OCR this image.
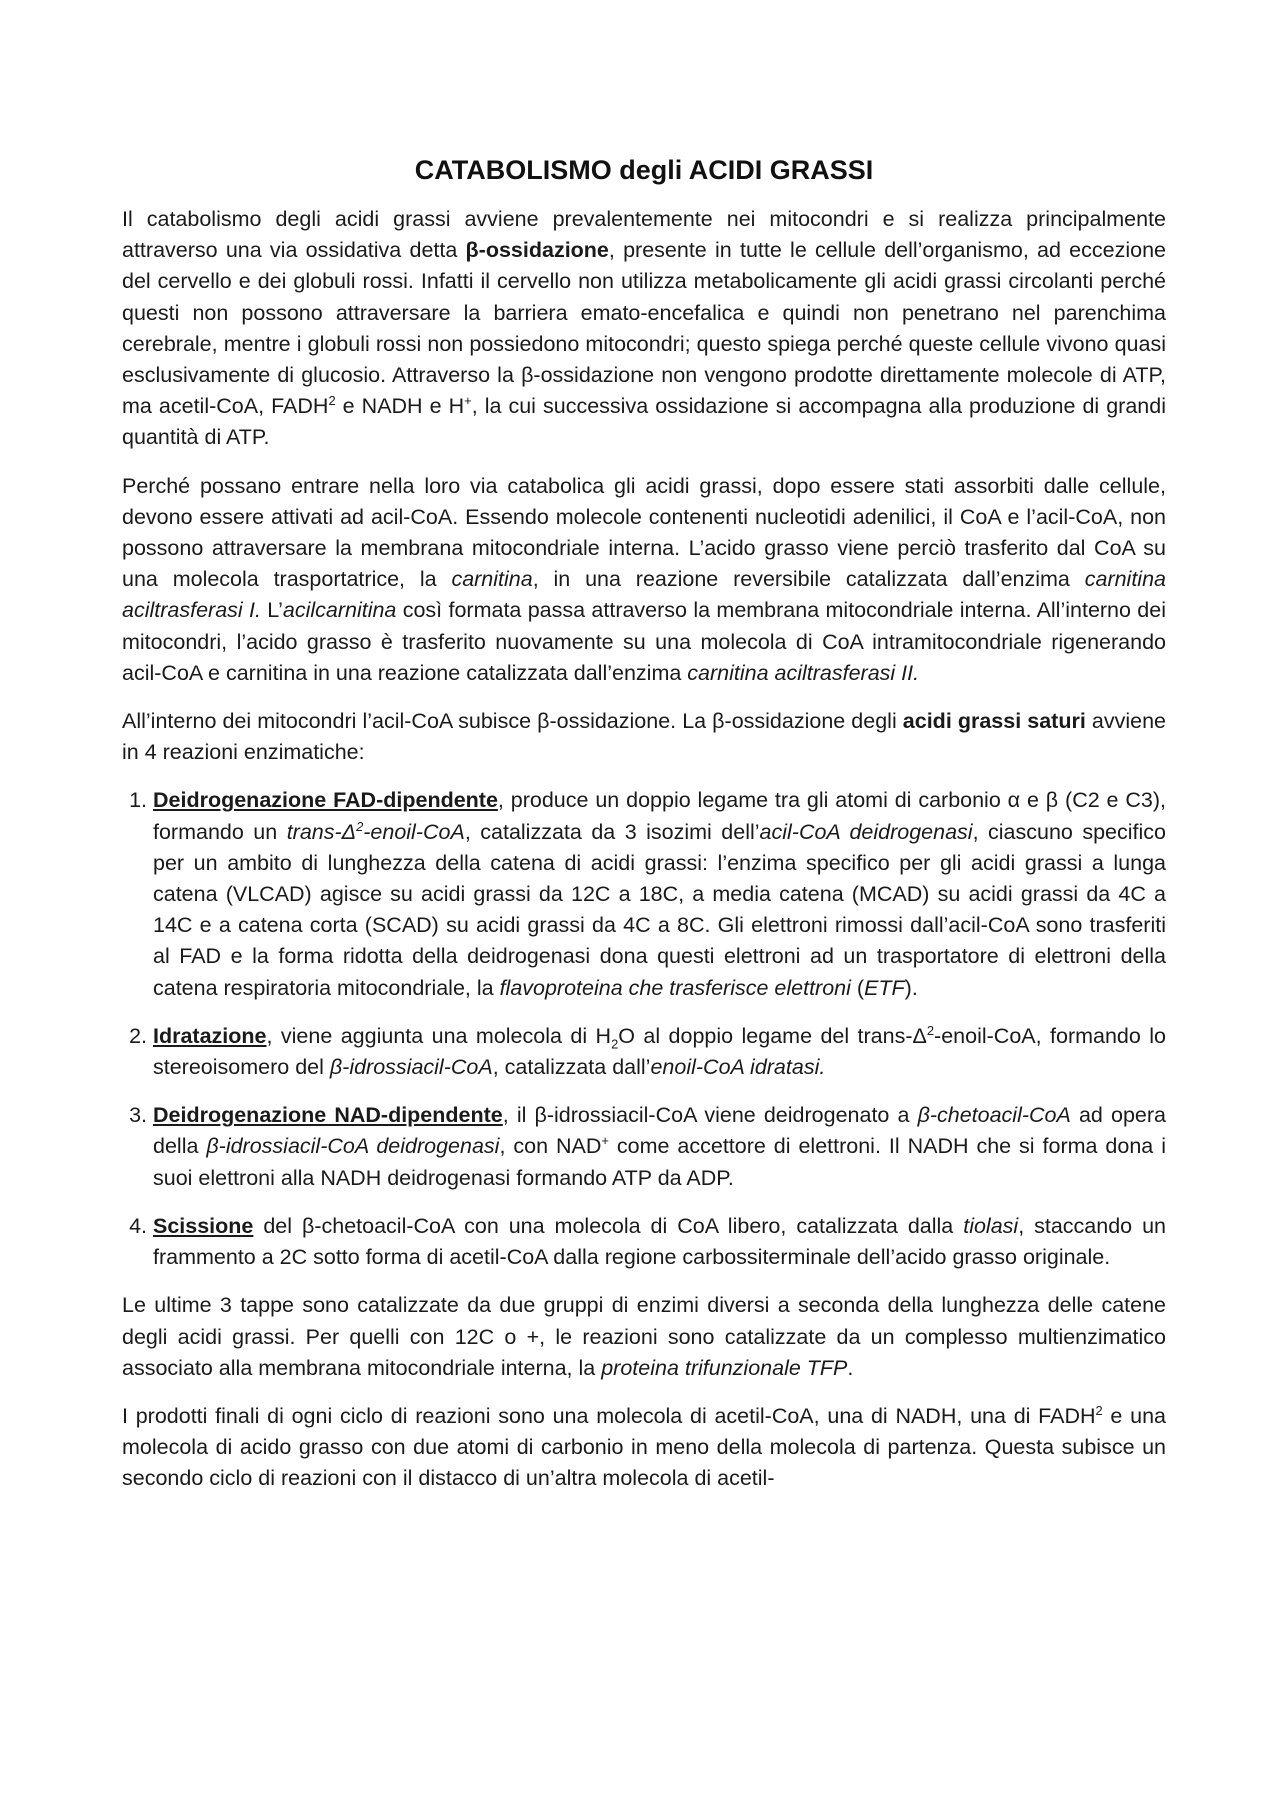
CATABOLISMO degli ACIDI GRASSI

Il catabolismo degli acidi grassi avviene prevalentemente nei mitocondri e si realizza principalmente attraverso una via ossidativa detta β-ossidazione, presente in tutte le cellule dell’organismo, ad eccezione del cervello e dei globuli rossi. Infatti il cervello non utilizza metabolicamente gli acidi grassi circolanti perché questi non possono attraversare la barriera emato-encefalica e quindi non penetrano nel parenchima cerebrale, mentre i globuli rossi non possiedono mitocondri; questo spiega perché queste cellule vivono quasi esclusivamente di glucosio. Attraverso la β-ossidazione non vengono prodotte direttamente molecole di ATP, ma acetil-CoA, FADH$^2$ e NADH e H+, la cui successiva ossidazione si accompagna alla produzione di grandi quantità di ATP.

Perché possano entrare nella loro via catabolica gli acidi grassi, dopo essere stati assorbiti dalle cellule, devono essere attivati ad acil-CoA. Essendo molecole contenenti nucleotidi adenilici, il CoA e l’acil-CoA, non possono attraversare la membrana mitocondriale interna. L’acido grasso viene perciò trasferito dal CoA su una molecola trasportatrice, la carnitina, in una reazione reversibile catalizzata dall’enzima carnitina aciltrasferasi I. L’acilcarnitina così formata passa attraverso la membrana mitocondriale interna. All’interno dei mitocondri, l’acido grasso è trasferito nuovamente su una molecola di CoA intramitocondriale rigenerando acil-CoA e carnitina in una reazione catalizzata dall’enzima carnitina aciltrasferasi II.

All’interno dei mitocondri l’acil-CoA subisce β-ossidazione. La β-ossidazione degli acidi grassi saturi avviene in 4 reazioni enzimatiche:

1. Deidrogenazione FAD-dipendente, produce un doppio legame tra gli atomi di carbonio α e β (C2 e C3), formando un trans-$\Delta^2-enoil$-CoA, catalizzata da 3 isozimi dell’acil-CoA deidrogenasi, ciascuno specifico per un ambito di lunghezza della catena di acidi grassi: l’enzima specifico per gli acidi grassi a lunga catena (VLCAD) agisce su acidi grassi da 12C a 18C, a media catena (MCAD) su acidi grassi da 4C a 14C e a catena corta (SCAD) su acidi grassi da 4C a 8C. Gli elettroni rimossi dall’acil-CoA sono trasferiti al FAD e la forma ridotta della deidrogenasi dona questi elettroni ad un trasportatore di elettroni della catena respiratoria mitocondriale, la flavoproteina che trasferisce elettroni (ETF).
2. Idratazione, viene aggiunta una molecola di $H_2O$ al doppio legame del trans-$\Delta^2-enoil$-CoA, formando lo stereoisomero del β-idrossiacil-CoA, catalizzata dall’enoil-CoA idratasi.
3. Deidrogenazione NAD-dipendente, il β-idrossiacil-CoA viene deidrogenato a β-chetoacil-CoA ad opera della β-idrossiacil-CoA deidrogenasi, con NAD+ come accettore di elettroni. Il NADH che si forma dona i suoi elettroni alla NADH deidrogenasi formando ATP da ADP.
4. Scissione del β-chetoacil-CoA con una molecola di CoA libero, catalizzata dalla tiolasi, staccando un frammento a 2C sotto forma di acetil-CoA dalla regione carbossiterminale dell’acido grasso originale.

Le ultime 3 tappe sono catalizzate da due gruppi di enzimi diversi a seconda della lunghezza delle catene degli acidi grassi. Per quelli con 12C o +, le reazioni sono catalizzate da un complesso multienzimatico associato alla membrana mitocondriale interna, la proteina trifunzionale TFP.

I prodotti finali di ogni ciclo di reazioni sono una molecola di acetil-CoA, una di NADH, una di FADH$^2$ e una molecola di acido grasso con due atomi di carbonio in meno della molecola di partenza. Questa subisce un secondo ciclo di reazioni con il distacco di un’altra molecola di acetil-
